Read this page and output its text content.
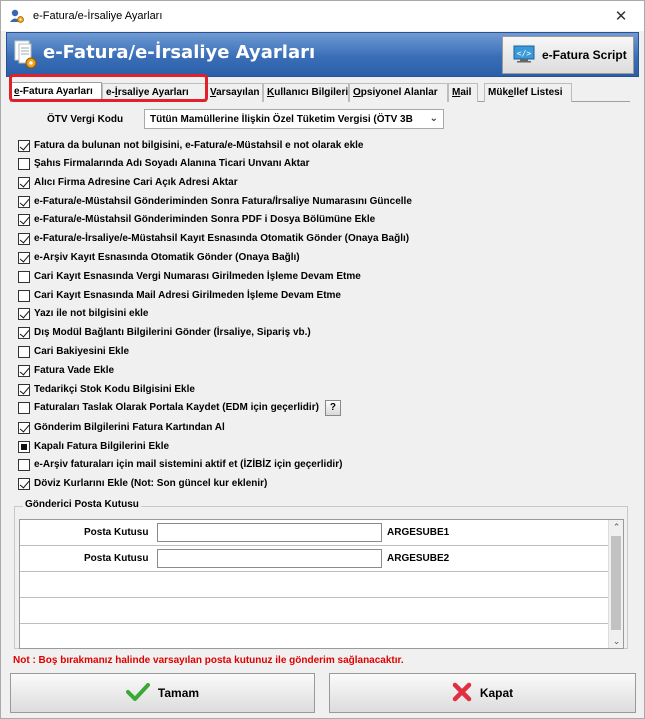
e-Fatura/e-İrsaliye Ayarları	✕
e-Fatura/e-İrsaliye Ayarları	</> e-Fatura Script
e-Fatura Ayarları	e-İrsaliye Ayarları	Varsayılan Kullanıcı Bilgileri Opsiyonel Alanlar	Mail	Mükellef Listesi
ÖTV Vergi Kodu	Tütün Mamüllerine İlişkin Özel Tüketim Vergisi (ÖTV 3B ⌄
Fatura da bulunan not bilgisini, e-Fatura/e-Müstahsil e not olarak ekle
Şahıs Firmalarında Adı Soyadı Alanına Ticari Unvanı Aktar
Alıcı Firma Adresine Cari Açık Adresi Aktar
e-Fatura/e-Müstahsil Gönderiminden Sonra Fatura/İrsaliye Numarasını Güncelle
e-Fatura/e-Müstahsil Gönderiminden Sonra PDF i Dosya Bölümüne Ekle
e-Fatura/e-İrsaliye/e-Müstahsil Kayıt Esnasında Otomatik Gönder (Onaya Bağlı)
e-Arşiv Kayıt Esnasında Otomatik Gönder (Onaya Bağlı)
Cari Kayıt Esnasında Vergi Numarası Girilmeden İşleme Devam Etme
Cari Kayıt Esnasında Mail Adresi Girilmeden İşleme Devam Etme
Yazı ile not bilgisini ekle
Dış Modül Bağlantı Bilgilerini Gönder (İrsaliye, Sipariş vb.)
Cari Bakiyesini Ekle
Fatura Vade Ekle
Tedarikçi Stok Kodu Bilgisini Ekle
Faturaları Taslak Olarak Portala Kaydet (EDM için geçerlidir)	?
Gönderim Bilgilerini Fatura Kartından Al
Kapalı Fatura Bilgilerini Ekle
e-Arşiv faturaları için mail sistemini aktif et (İZİBİZ için geçerlidir)
Döviz Kurlarını Ekle (Not: Son güncel kur eklenir)
Gönderici Posta Kutusu
Posta Kutusu	ARGESUBE1
Posta Kutusu	ARGESUBE2
⌃
⌄
Not : Boş bırakmanız halinde varsayılan posta kutunuz ile gönderim sağlanacaktır.
Tamam	Kapat
